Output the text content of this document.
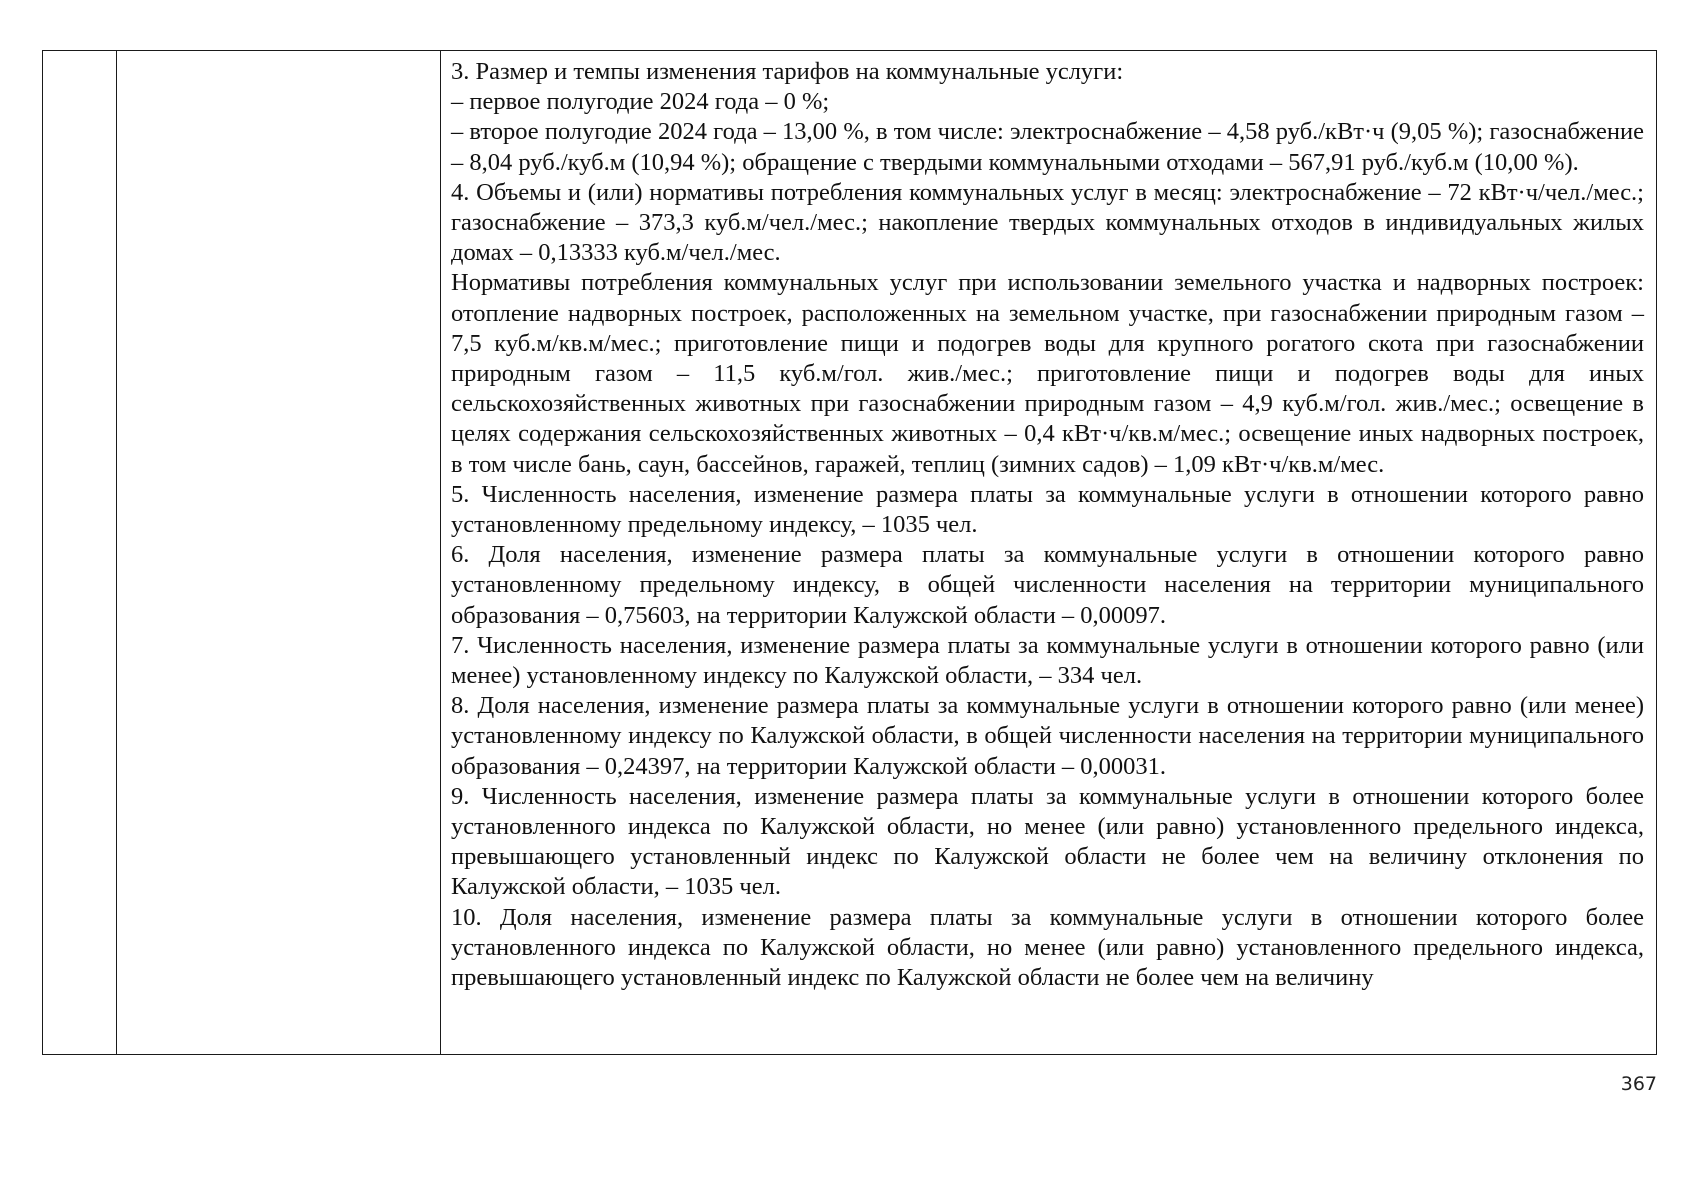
3. Размер и темпы изменения тарифов на коммунальные услуги:

– первое полугодие 2024 года – 0 %;

– второе полугодие 2024 года – 13,00 %, в том числе: электроснабжение – 4,58 руб./кВт·ч (9,05 %); газоснабжение – 8,04 руб./куб.м (10,94 %); обращение с твердыми коммунальными отходами – 567,91 руб./куб.м (10,00 %).

4. Объемы и (или) нормативы потребления коммунальных услуг в месяц: электроснабжение – 72 кВт·ч/чел./мес.; газоснабжение – 373,3 куб.м/чел./мес.; накопление твердых коммунальных отходов в индивидуальных жилых домах – 0,13333 куб.м/чел./мес.

Нормативы потребления коммунальных услуг при использовании земельного участка и надворных построек: отопление надворных построек, расположенных на земельном участке, при газоснабжении природным газом – 7,5 куб.м/кв.м/мес.; приготовление пищи и подогрев воды для крупного рогатого скота при газоснабжении природным газом – 11,5 куб.м/гол. жив./мес.; приготовление пищи и подогрев воды для иных сельскохозяйственных животных при газоснабжении природным газом – 4,9 куб.м/гол. жив./мес.; освещение в целях содержания сельскохозяйственных животных – 0,4 кВт·ч/кв.м/мес.; освещение иных надворных построек, в том числе бань, саун, бассейнов, гаражей, теплиц (зимних садов) – 1,09 кВт·ч/кв.м/мес.

5. Численность населения, изменение размера платы за коммунальные услуги в отношении которого равно установленному предельному индексу, – 1035 чел.

6. Доля населения, изменение размера платы за коммунальные услуги в отношении которого равно установленному предельному индексу, в общей численности населения на территории муниципального образования – 0,75603, на территории Калужской области – 0,00097.

7. Численность населения, изменение размера платы за коммунальные услуги в отношении которого равно (или менее) установленному индексу по Калужской области, – 334 чел.

8. Доля населения, изменение размера платы за коммунальные услуги в отношении которого равно (или менее) установленному индексу по Калужской области, в общей численности населения на территории муниципального образования – 0,24397, на территории Калужской области – 0,00031.

9. Численность населения, изменение размера платы за коммунальные услуги в отношении которого более установленного индекса по Калужской области, но менее (или равно) установленного предельного индекса, превышающего установленный индекс по Калужской области не более чем на величину отклонения по Калужской области, – 1035 чел.

10. Доля населения, изменение размера платы за коммунальные услуги в отношении которого более установленного индекса по Калужской области, но менее (или равно) установленного предельного индекса, превышающего установленный индекс по Калужской области не более чем на величину

367
